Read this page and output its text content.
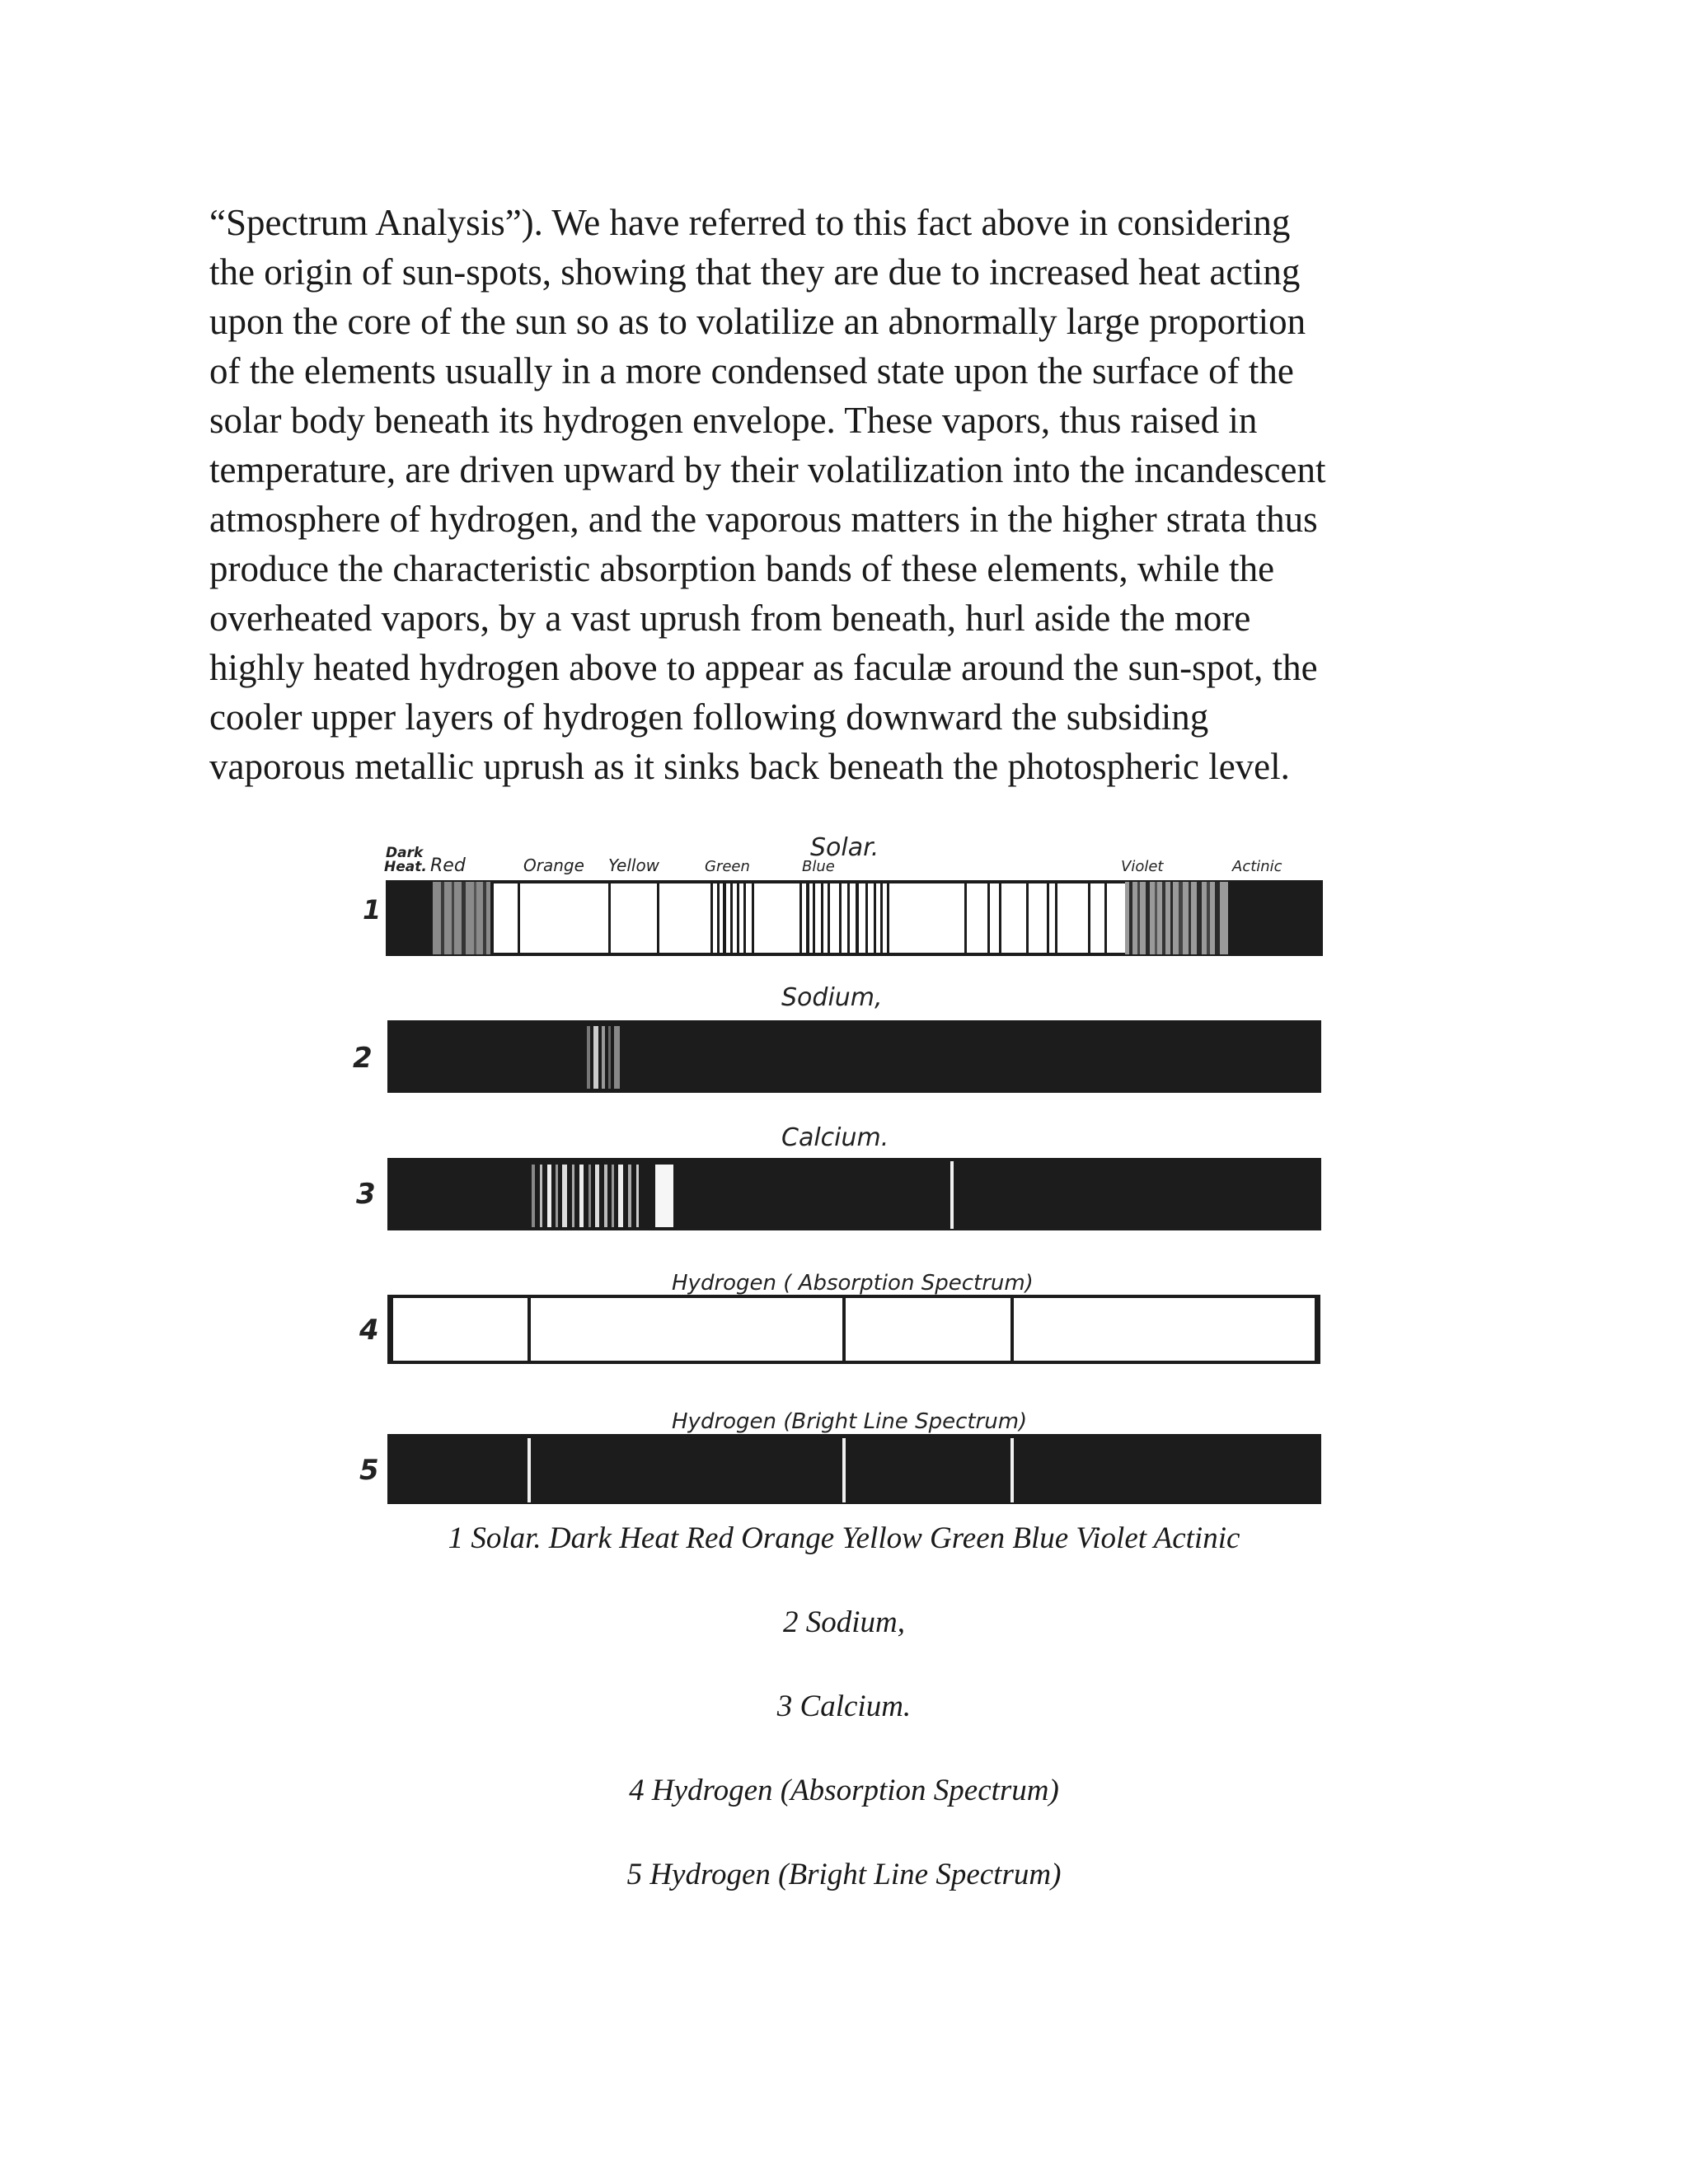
“Spectrum Analysis”). We have referred to this fact above in considering
the origin of sun-spots, showing that they are due to increased heat acting
upon the core of the sun so as to volatilize an abnormally large proportion
of the elements usually in a more condensed state upon the surface of the
solar body beneath its hydrogen envelope. These vapors, thus raised in
temperature, are driven upward by their volatilization into the incandescent
atmosphere of hydrogen, and the vaporous matters in the higher strata thus
produce the characteristic absorption bands of these elements, while the
overheated vapors, by a vast uprush from beneath, hurl aside the more
highly heated hydrogen above to appear as faculæ around the sun-spot, the
cooler upper layers of hydrogen following downward the subsiding
vaporous metallic uprush as it sinks back beneath the photospheric level.
Solar.
Dark
Heat. Red	Orange Yellow	Green	Blue	Violet	Actinic
1
Sodium,
2
Calcium.
3
Hydrogen ( Absorption Spectrum)
4
Hydrogen (Bright Line Spectrum)
5

1 Solar. Dark Heat Red Orange Yellow Green Blue Violet Actinic

2 Sodium,

3 Calcium.

4 Hydrogen (Absorption Spectrum)

5 Hydrogen (Bright Line Spectrum)
